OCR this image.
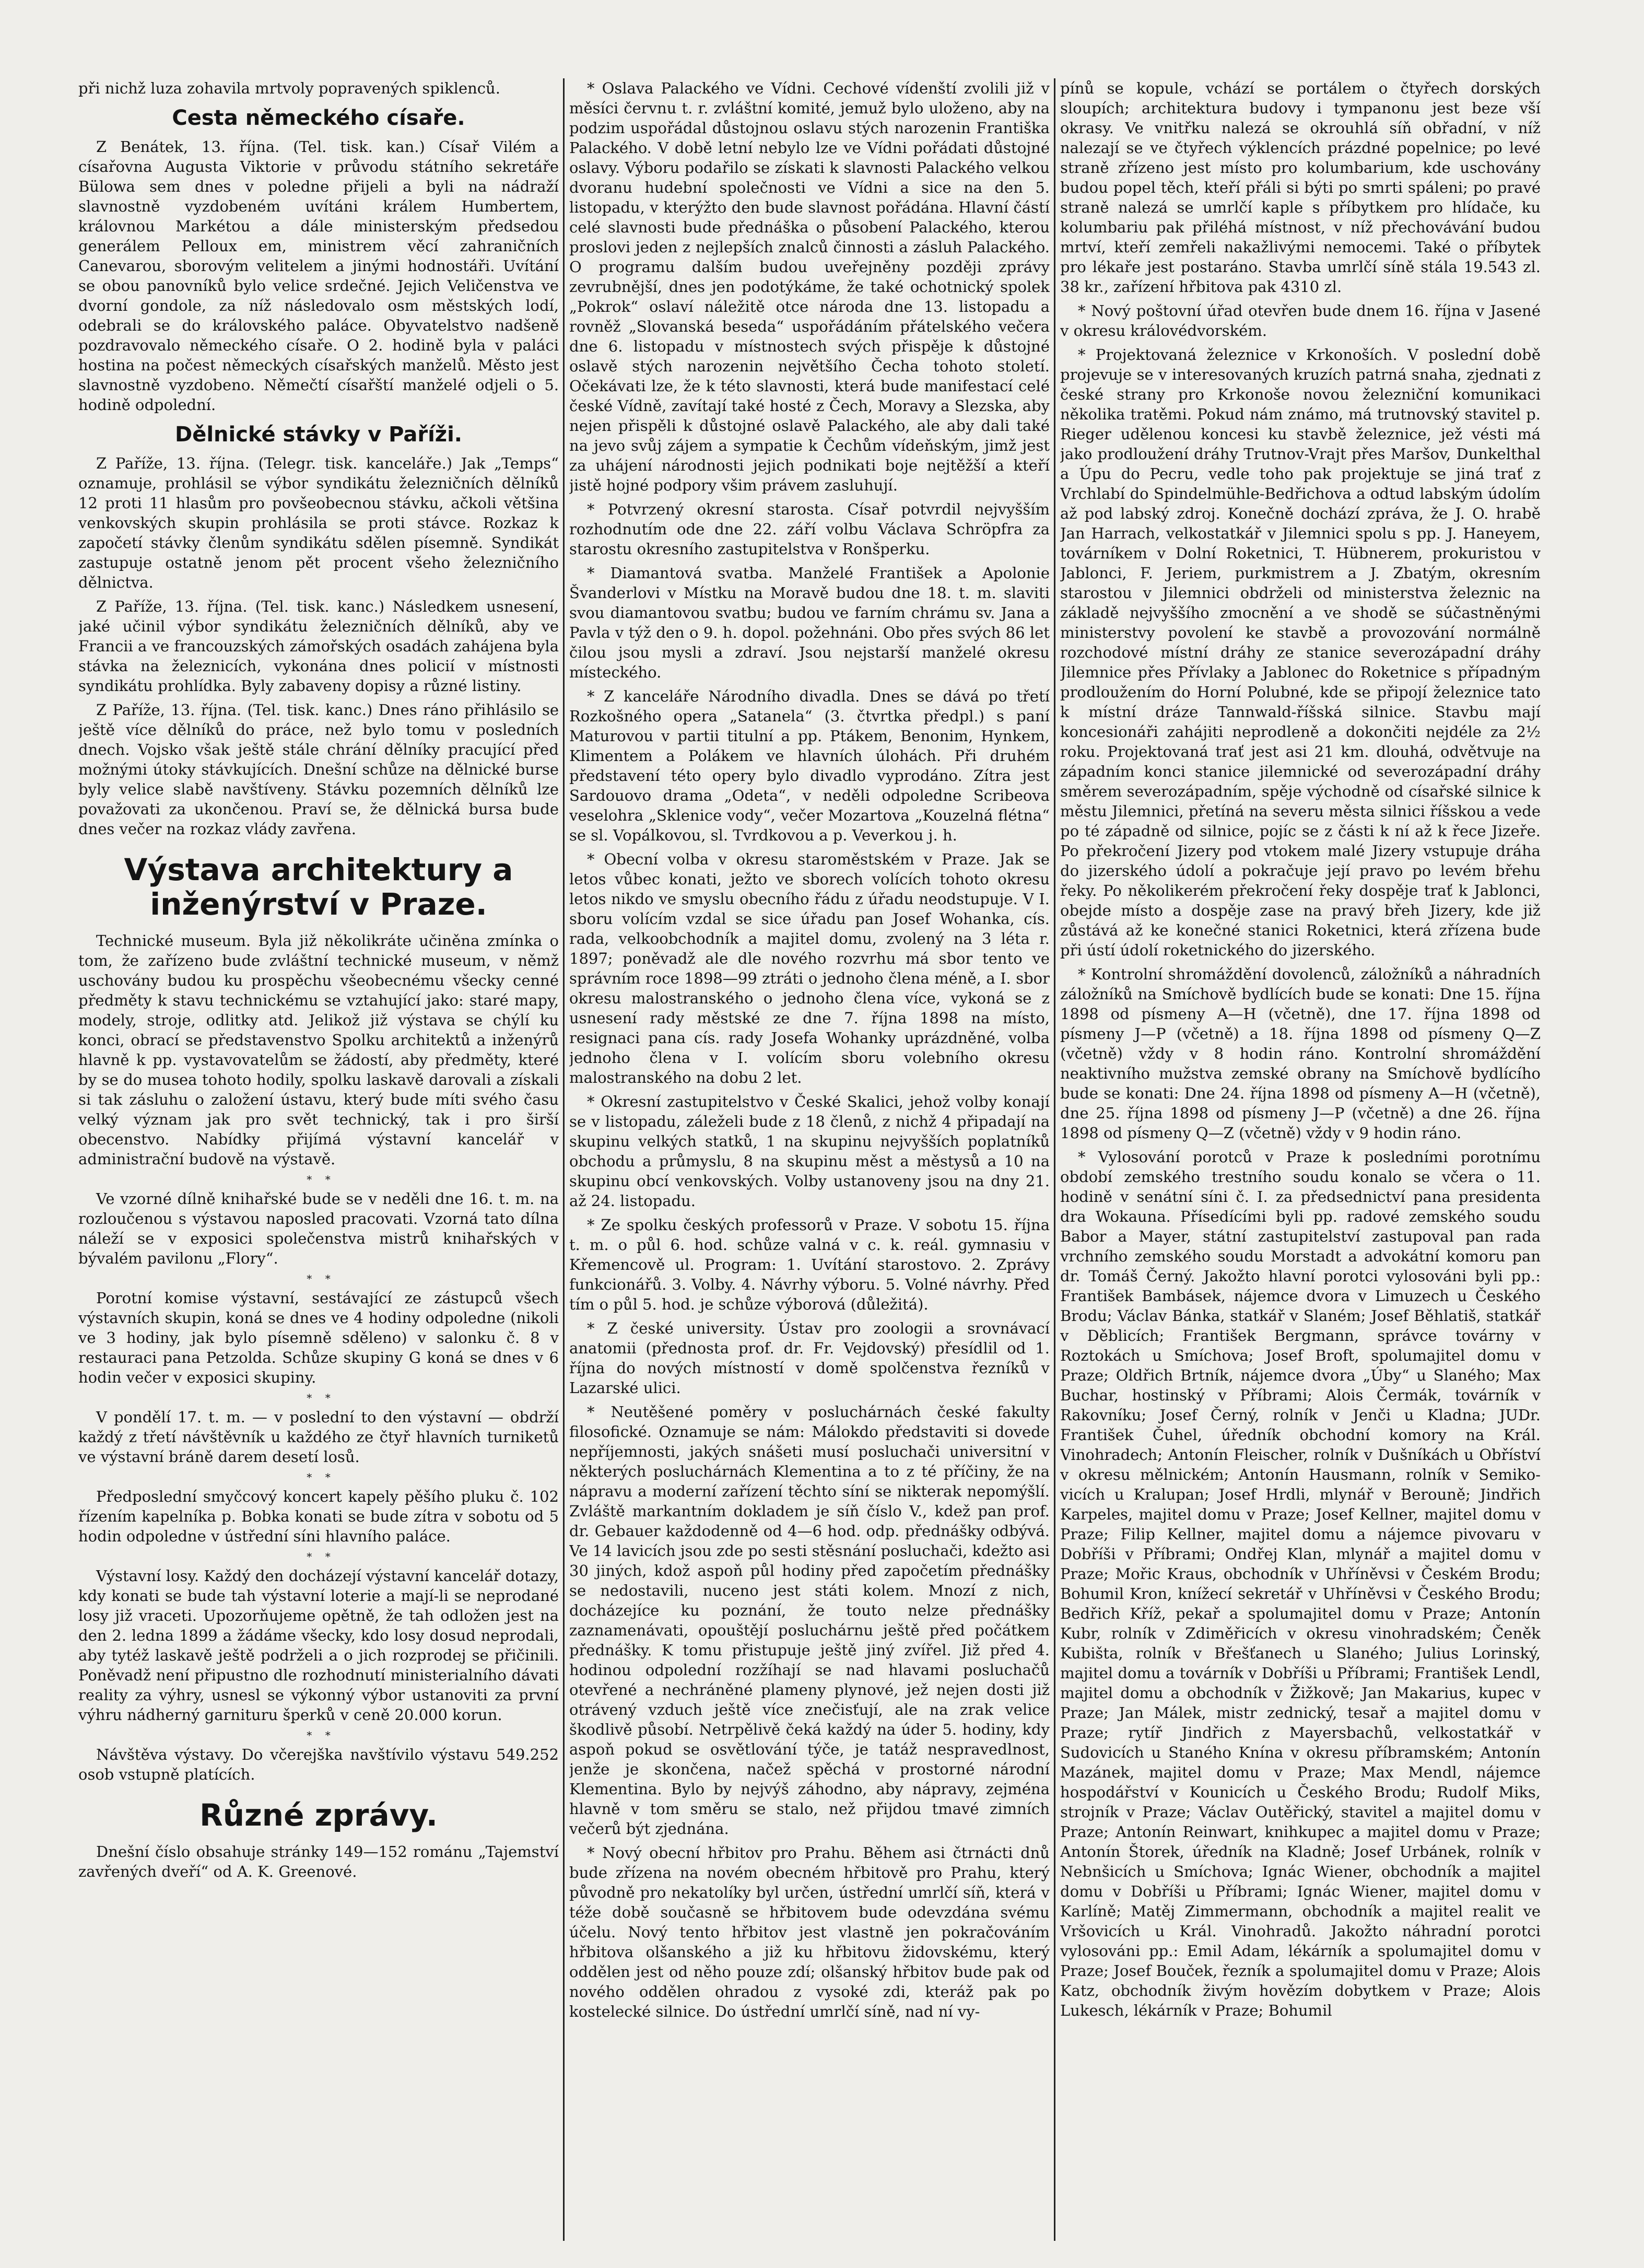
při nichž luza zohavila mrtvoly popravených spiklenců.

Cesta německého císaře.

Z Benátek, 13. října. (Tel. tisk. kan.) Císař Vilém a císařovna Augusta Viktorie v průvodu státního sekretáře Bülowa sem dnes v poledne přijeli a byli na nádraží slavnostně vyzdobeném uvítáni králem Humbertem, královnou Markétou a dále ministerským předsedou generálem Pelloux em, ministrem věcí zahraničních Canevarou, sborovým velitelem a jinými hodnostáři. Uvítání se obou panovníků bylo velice srdečné. Jejich Veličenstva ve dvorní gondole, za níž následovalo osm městských lodí, odebrali se do královského paláce. Obyvatelstvo nadšeně pozdravovalo německého císaře. O 2. hodině byla v paláci hostina na počest německých císařských manželů. Město jest slavnostně vyzdobeno. Němečtí císařští manželé odjeli o 5. hodině odpolední.

Dělnické stávky v Paříži.

Z Paříže, 13. října. (Telegr. tisk. kanceláře.) Jak „Temps“ oznamuje, prohlásil se výbor syndikátu železničních dělníků 12 proti 11 hlasům pro povšeobecnou stávku, ačkoli většina venkovských skupin prohlásila se proti stávce. Rozkaz k započetí stávky členům syndikátu sdělen písemně. Syndikát zastupuje ostatně jenom pět procent všeho železničního dělnictva.

Z Paříže, 13. října. (Tel. tisk. kanc.) Následkem usnesení, jaké učinil výbor syndikátu železničních dělníků, aby ve Francii a ve francouzských zámořských osadách zahájena byla stávka na železnicích, vykonána dnes policií v místnosti syndikátu prohlídka. Byly zabaveny dopisy a různé listiny.

Z Paříže, 13. října. (Tel. tisk. kanc.) Dnes ráno přihlásilo se ještě více dělníků do práce, než bylo tomu v posledních dnech. Vojsko však ještě stále chrání dělníky pracující před možnými útoky stávkujících. Dnešní schůze na dělnické burse byly velice slabě navštíveny. Stávku pozemních dělníků lze považovati za ukončenou. Praví se, že dělnická bursa bude dnes večer na rozkaz vlády zavřena.

Výstava architektury a inženýrství v Praze.

Technické museum. Byla již několikráte učiněna zmínka o tom, že zařízeno bude zvláštní technické museum, v němž uschovány budou ku prospěchu všeobecnému všecky cenné předměty k stavu technickému se vztahující jako: staré mapy, modely, stroje, odlitky atd. Jelikož již výstava se chýlí ku konci, obrací se představenstvo Spolku architektů a inženýrů hlavně k pp. vystavovatelům se žádostí, aby předměty, které by se do musea tohoto hodily, spolku laskavě darovali a získali si tak zásluhu o založení ústavu, který bude míti svého času velký význam jak pro svět technický, tak i pro širší obecenstvo. Nabídky přijímá výstavní kancelář v administrační budově na výstavě.

*    *

Ve vzorné dílně knihařské bude se v neděli dne 16. t. m. na rozloučenou s výstavou naposled pracovati. Vzorná tato dílna náleží se v exposici společenstva mistrů knihařských v bývalém pavilonu „Flory“.

*    *

Porotní komise výstavní, sestávající ze zástupců všech výstavních skupin, koná se dnes ve 4 hodiny odpoledne (nikoli ve 3 hodiny, jak bylo písemně sděleno) v salonku č. 8 v restauraci pana Petzolda. Schůze skupiny G koná se dnes v 6 hodin večer v exposici skupiny.

*    *

V pondělí 17. t. m. — v poslední to den výstavní — obdrží každý z třetí návštěvník u každého ze čtyř hlavních turniketů ve výstavní bráně darem desetí losů.

*    *

Předposlední smyčcový koncert kapely pěšího pluku č. 102 řízením kapelníka p. Bobka konati se bude zítra v sobotu od 5 hodin odpoledne v ústřední síni hlavního paláce.

*    *

Výstavní losy. Každý den docházejí výstavní kancelář dotazy, kdy konati se bude tah výstavní loterie a mají-li se neprodané losy již vraceti. Upozorňujeme opětně, že tah odložen jest na den 2. ledna 1899 a žádáme všecky, kdo losy dosud neprodali, aby tytéž laskavě ještě podrželi a o jich rozprodej se přičinili. Poněvadž není připustno dle rozhodnutí ministerialního dávati reality za výhry, usnesl se výkonný výbor ustanoviti za první výhru nádherný garnituru šperků v ceně 20.000 korun.

*    *

Návštěva výstavy. Do včerejška navštívilo výstavu 549.252 osob vstupně platících.

Různé zprávy.

Dnešní číslo obsahuje stránky 149—152 románu „Tajemství zavřených dveří“ od A. K. Greenové.

* Oslava Palackého ve Vídni. Cechové vídenští zvolili již v měsíci červnu t. r. zvláštní komité, jemuž bylo uloženo, aby na podzim uspořádal důstojnou oslavu stých narozenin Františka Palackého. V době letní nebylo lze ve Vídni pořádati důstojné oslavy. Výboru podařilo se získati k slavnosti Palackého velkou dvoranu hudební společnosti ve Vídni a sice na den 5. listopadu, v kterýžto den bude slavnost pořádána. Hlavní částí celé slavnosti bude přednáška o působení Palackého, kterou proslovi jeden z nejlepších znalců činnosti a zásluh Palackého. O programu dalším budou uveřejněny později zprávy zevrubnější, dnes jen podotýkáme, že také ochotnický spolek „Pokrok“ oslaví náležitě otce národa dne 13. listopadu a rovněž „Slovanská beseda“ uspořádáním přátelského večera dne 6. listopadu v místnostech svých přispěje k důstojné oslavě stých narozenin největšího Čecha tohoto století. Očekávati lze, že k této slavnosti, která bude manifestací celé české Vídně, zavítají také hosté z Čech, Moravy a Slezska, aby nejen přispěli k důstojné oslavě Palackého, ale aby dali také na jevo svůj zájem a sympatie k Čechům vídeňským, jimž jest za uhájení národnosti jejich podnikati boje nejtěžší a kteří jistě hojné podpory všim právem zasluhují.

* Potvrzený okresní starosta. Císař potvrdil nejvyšším rozhodnutím ode dne 22. září volbu Václava Schröpfra za starostu okresního zastupitelstva v Ronšperku.

* Diamantová svatba. Manželé František a Apolonie Švanderlovi v Místku na Moravě budou dne 18. t. m. slaviti svou diamantovou svatbu; budou ve farním chrámu sv. Jana a Pavla v týž den o 9. h. dopol. požehnáni. Obo přes svých 86 let čilou jsou mysli a zdraví. Jsou nejstarší manželé okresu místeckého.

* Z kanceláře Národního divadla. Dnes se dává po třetí Rozkošného opera „Satanela“ (3. čtvrtka předpl.) s paní Maturovou v partii titulní a pp. Ptákem, Benonim, Hynkem, Klimentem a Polákem ve hlavních úlohách. Při druhém představení této opery bylo divadlo vyprodáno. Zítra jest Sardouovo drama „Odeta“, v neděli odpoledne Scribeova veselohra „Sklenice vody“, večer Mozartova „Kouzelná flétna“ se sl. Vopálkovou, sl. Tvrdkovou a p. Veverkou j. h.

* Obecní volba v okresu staroměstském v Praze. Jak se letos vůbec konati, ježto ve sborech volících tohoto okresu letos nikdo ve smyslu obecního řádu z úřadu neodstupuje. V I. sboru volícím vzdal se sice úřadu pan Josef Wohanka, cís. rada, velkoobchodník a majitel domu, zvolený na 3 léta r. 1897; poněvadž ale dle nového rozvrhu má sbor tento ve správním roce 1898—99 ztráti o jednoho člena méně, a I. sbor okresu malostranského o jednoho člena více, vykoná se z usnesení rady městské ze dne 7. října 1898 na místo, resignaci pana cís. rady Josefa Wohanky uprázdněné, volba jednoho člena v I. volícím sboru volebního okresu malostranského na dobu 2 let.

* Okresní zastupitelstvo v České Skalici, jehož volby konají se v listopadu, záleželi bude z 18 členů, z nichž 4 připadají na skupinu velkých statků, 1 na skupinu nejvyšších poplatníků obchodu a průmyslu, 8 na skupinu měst a městysů a 10 na skupinu obcí venkovských. Volby ustanoveny jsou na dny 21. až 24. listopadu.

* Ze spolku českých professorů v Praze. V sobotu 15. října t. m. o půl 6. hod. schůze valná v c. k. reál. gymnasiu v Křemencově ul. Program: 1. Uvítání starostovo. 2. Zprávy funkcionářů. 3. Volby. 4. Návrhy výboru. 5. Volné návrhy. Před tím o půl 5. hod. je schůze výborová (důležitá).

* Z české university. Ústav pro zoologii a srovnávací anatomii (přednosta prof. dr. Fr. Vejdovský) přesídlil od 1. října do nových místností v domě spolčenstva řezníků v Lazarské ulici.

* Neutěšené poměry v posluchárnách české fakulty filosofické. Oznamuje se nám: Málokdo představiti si dovede nepříjemnosti, jakých snášeti musí posluchači universitní v některých posluchárnách Klementina a to z té příčiny, že na nápravu a moderní zařízení těchto síní se nikterak nepomýšlí. Zvláště markantním dokladem je síň číslo V., kdež pan prof. dr. Gebauer každodenně od 4—6 hod. odp. přednášky odbývá. Ve 14 lavicích jsou zde po sesti stěsnání posluchači, kdežto asi 30 jiných, kdož aspoň půl hodiny před započetím přednášky se nedostavili, nuceno jest státi kolem. Mnozí z nich, docházejíce ku poznání, že touto nelze přednášky zaznamenávati, opouštějí posluchárnu ještě před počátkem přednášky. K tomu přistupuje ještě jiný zvířel. Již před 4. hodinou odpolední rozžíhají se nad hlavami posluchačů otevřené a nechráněné plameny plynové, jež nejen dosti již otrávený vzduch ještě více znečisťují, ale na zrak velice škodlivě působí. Netrpělivě čeká každý na úder 5. hodiny, kdy aspoň pokud se osvětlování týče, je tatáž nespravedlnost, jenže je skončena, načež spěchá v prostorné národní Klementina. Bylo by nejvýš záhodno, aby nápravy, zejména hlavně v tom směru se stalo, než přijdou tmavé zimních večerů být zjednána.

* Nový obecní hřbitov pro Prahu. Během asi čtrnácti dnů bude zřízena na novém obecném hřbitově pro Prahu, který původně pro nekatolíky byl určen, ústřední umrlčí síň, která v téže době současně se hřbitovem bude odevzdána svému účelu. Nový tento hřbitov jest vlastně jen pokračováním hřbitova olšanského a již ku hřbitovu židovskému, který oddělen jest od něho pouze zdí; olšanský hřbitov bude pak od nového oddělen ohradou z vysoké zdi, kteráž pak po kostelecké silnice. Do ústřední umrlčí síně, nad ní vy-

pínů se kopule, vchází se portálem o čtyřech dorských sloupích; architektura budovy i tympanonu jest beze vší okrasy. Ve vnitřku nalezá se okrouhlá síň obřadní, v níž nalezají se ve čtyřech výklencích prázdné popelnice; po levé straně zřízeno jest místo pro kolumbarium, kde uschovány budou popel těch, kteří přáli si býti po smrti spáleni; po pravé straně nalezá se umrlčí kaple s příbytkem pro hlídače, ku kolumbariu pak přiléhá místnost, v níž přechovávání budou mrtví, kteří zemřeli nakažlivými nemocemi. Také o příbytek pro lékaře jest postaráno. Stavba umrlčí síně stála 19.543 zl. 38 kr., zařízení hřbitova pak 4310 zl.

* Nový poštovní úřad otevřen bude dnem 16. října v Jasené v okresu královédvorském.

* Projektovaná železnice v Krkonoších. V poslední době projevuje se v interesovaných kruzích patrná snaha, zjednati z české strany pro Krkonoše novou železniční komunikaci několika tratěmi. Pokud nám známo, má trutnovský stavitel p. Rieger udělenou koncesi ku stavbě železnice, jež vésti má jako prodloužení dráhy Trutnov-Vrajt přes Maršov, Dunkelthal a Úpu do Pecru, vedle toho pak projektuje se jiná trať z Vrchlabí do Spindelmühle-Bedřichova a odtud labským údolím až pod labský zdroj. Konečně dochází zpráva, že J. O. hrabě Jan Harrach, velkostatkář v Jilemnici spolu s pp. J. Haneyem, továrníkem v Dolní Roketnici, T. Hübnerem, prokuristou v Jablonci, F. Jeriem, purkmistrem a J. Zbatým, okresním starostou v Jilemnici obdrželi od ministerstva železnic na základě nejvyššího zmocnění a ve shodě se súčastněnými ministerstvy povolení ke stavbě a provozování normálně rozchodové místní dráhy ze stanice severozápadní dráhy Jilemnice přes Přívlaky a Jablonec do Roketnice s případným prodloužením do Horní Polubné, kde se připojí železnice tato k místní dráze Tannwald-říšská silnice. Stavbu mají koncesionáři zahájiti neprodleně a dokončiti nejdéle za 2½ roku. Projektovaná trať jest asi 21 km. dlouhá, odvětvuje na západním konci stanice jilemnické od severozápadní dráhy směrem severozápadním, spěje východně od císařské silnice k městu Jilemnici, přetíná na severu města silnici říšskou a vede po té západně od silnice, pojíc se z části k ní až k řece Jizeře. Po překročení Jizery pod vtokem malé Jizery vstupuje dráha do jizerského údolí a pokračuje její pravo po levém břehu řeky. Po několikerém překročení řeky dospěje trať k Jablonci, obejde místo a dospěje zase na pravý břeh Jizery, kde již zůstává až ke konečné stanici Roketnici, která zřízena bude při ústí údolí roketnického do jizerského.

* Kontrolní shromáždění dovolenců, záložníků a náhradních záložníků na Smíchově bydlících bude se konati: Dne 15. října 1898 od písmeny A—H (včetně), dne 17. října 1898 od písmeny J—P (včetně) a 18. října 1898 od písmeny Q—Z (včetně) vždy v 8 hodin ráno. Kontrolní shromáždění neaktivního mužstva zemské obrany na Smíchově bydlícího bude se konati: Dne 24. října 1898 od písmeny A—H (včetně), dne 25. října 1898 od písmeny J—P (včetně) a dne 26. října 1898 od písmeny Q—Z (včetně) vždy v 9 hodin ráno.

* Vylosování porotců v Praze k posledními porotnímu období zemského trestního soudu konalo se včera o 11. hodině v senátní síni č. I. za předsednictví pana presidenta dra Wokauna. Přísedícími byli pp. radové zemského soudu Babor a Mayer, státní zastupitelství zastupoval pan rada vrchního zemského soudu Morstadt a advokátní komoru pan dr. Tomáš Černý. Jakožto hlavní porotci vylosováni byli pp.: František Bambásek, nájemce dvora v Limuzech u Českého Brodu; Václav Bánka, statkář v Slaném; Josef Běhlatiš, statkář v Děblicích; František Bergmann, správce továrny v Roztokách u Smíchova; Josef Broft, spolumajitel domu v Praze; Oldřich Brtník, nájemce dvora „Úby“ u Slaného; Max Buchar, hostinský v Příbrami; Alois Čermák, továrník v Rakovníku; Josef Černý, rolník v Jenči u Kladna; JUDr. František Čuhel, úředník obchodní komory na Král. Vinohradech; Antonín Fleischer, rolník v Dušníkách u Obříství v okresu mělnickém; Antonín Hausmann, rolník v Semikovicích u Kralupan; Josef Hrdli, mlynář v Berouně; Jindřich Karpeles, majitel domu v Praze; Josef Kellner, majitel domu v Praze; Filip Kellner, majitel domu a nájemce pivovaru v Dobříši v Příbrami; Ondřej Klan, mlynář a majitel domu v Praze; Mořic Kraus, obchodník v Uhříněvsi v Českém Brodu; Bohumil Kron, knížecí sekretář v Uhříněvsi v Českého Brodu; Bedřich Kříž, pekař a spolumajitel domu v Praze; Antonín Kubr, rolník v Zdiměřicích v okresu vinohradském; Čeněk Kubišta, rolník v Břešťanech u Slaného; Julius Lorinský, majitel domu a továrník v Dobříši u Příbrami; František Lendl, majitel domu a obchodník v Žižkově; Jan Makarius, kupec v Praze; Jan Málek, mistr zednický, tesař a majitel domu v Praze; rytíř Jindřich z Mayersbachů, velkostatkář v Sudovicích u Staného Knína v okresu příbramském; Antonín Mazánek, majitel domu v Praze; Max Mendl, nájemce hospodářství v Kounicích u Českého Brodu; Rudolf Miks, strojník v Praze; Václav Outěřický, stavitel a majitel domu v Praze; Antonín Reinwart, knihkupec a majitel domu v Praze; Antonín Štorek, úředník na Kladně; Josef Urbánek, rolník v Nebnšicích u Smíchova; Ignác Wiener, obchodník a majitel domu v Dobříši u Příbrami; Ignác Wiener, majitel domu v Karlíně; Matěj Zimmermann, obchodník a majitel realit ve Vršovicích u Král. Vinohradů. Jakožto náhradní porotci vylosováni pp.: Emil Adam, lékárník a spolumajitel domu v Praze; Josef Bouček, řezník a spolumajitel domu v Praze; Alois Katz, obchodník živým hovězím dobytkem v Praze; Alois Lukesch, lékárník v Praze; Bohumil
